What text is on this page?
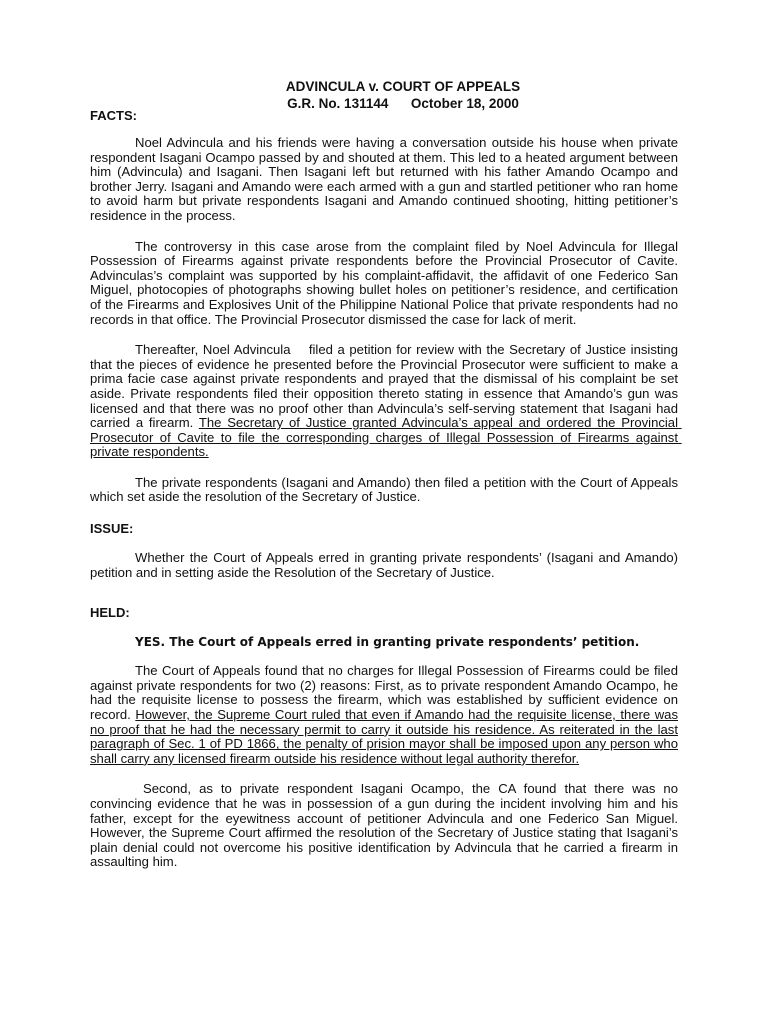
ADVINCULA v. COURT OF APPEALS
G.R. No. 131144      October 18, 2000
FACTS:

Noel Advincula and his friends were having a conversation outside his house when private respondent Isagani Ocampo passed by and shouted at them. This led to a heated argument between him (Advincula) and Isagani. Then Isagani left but returned with his father Amando Ocampo and brother Jerry. Isagani and Amando were each armed with a gun and startled petitioner who ran home to avoid harm but private respondents Isagani and Amando continued shooting, hitting petitioner’s residence in the process.

The controversy in this case arose from the complaint filed by Noel Advincula for Illegal Possession of Firearms against private respondents before the Provincial Prosecutor of Cavite. Advinculas’s complaint was supported by his complaint-affidavit, the affidavit of one Federico San Miguel, photocopies of photographs showing bullet holes on petitioner’s residence, and certification of the Firearms and Explosives Unit of the Philippine National Police that private respondents had no records in that office. The Provincial Prosecutor dismissed the case for lack of merit.

Thereafter, Noel Advincula    filed a petition for review with the Secretary of Justice insisting that the pieces of evidence he presented before the Provincial Prosecutor were sufficient to make a prima facie case against private respondents and prayed that the dismissal of his complaint be set aside. Private respondents filed their opposition thereto stating in essence that Amando’s gun was licensed and that there was no proof other than Advincula’s self-serving statement that Isagani had carried a firearm. The Secretary of Justice granted Advincula’s appeal and ordered the Provincial Prosecutor of Cavite to file the corresponding charges of Illegal Possession of Firearms against private respondents.

The private respondents (Isagani and Amando) then filed a petition with the Court of Appeals which set aside the resolution of the Secretary of Justice.

ISSUE:

Whether the Court of Appeals erred in granting private respondents’ (Isagani and Amando) petition and in setting aside the Resolution of the Secretary of Justice.

HELD:
YES. The Court of Appeals erred in granting private respondents’ petition.

The Court of Appeals found that no charges for Illegal Possession of Firearms could be filed against private respondents for two (2) reasons: First, as to private respondent Amando Ocampo, he had the requisite license to possess the firearm, which was established by sufficient evidence on record. However, the Supreme Court ruled that even if Amando had the requisite license, there was no proof that he had the necessary permit to carry it outside his residence. As reiterated in the last paragraph of Sec. 1 of PD 1866, the penalty of prision mayor shall be imposed upon any person who shall carry any licensed firearm outside his residence without legal authority therefor.

Second, as to private respondent Isagani Ocampo, the CA found that there was no convincing evidence that he was in possession of a gun during the incident involving him and his father, except for the eyewitness account of petitioner Advincula and one Federico San Miguel. However, the Supreme Court affirmed the resolution of the Secretary of Justice stating that Isagani’s plain denial could not overcome his positive identification by Advincula that he carried a firearm in assaulting him.
